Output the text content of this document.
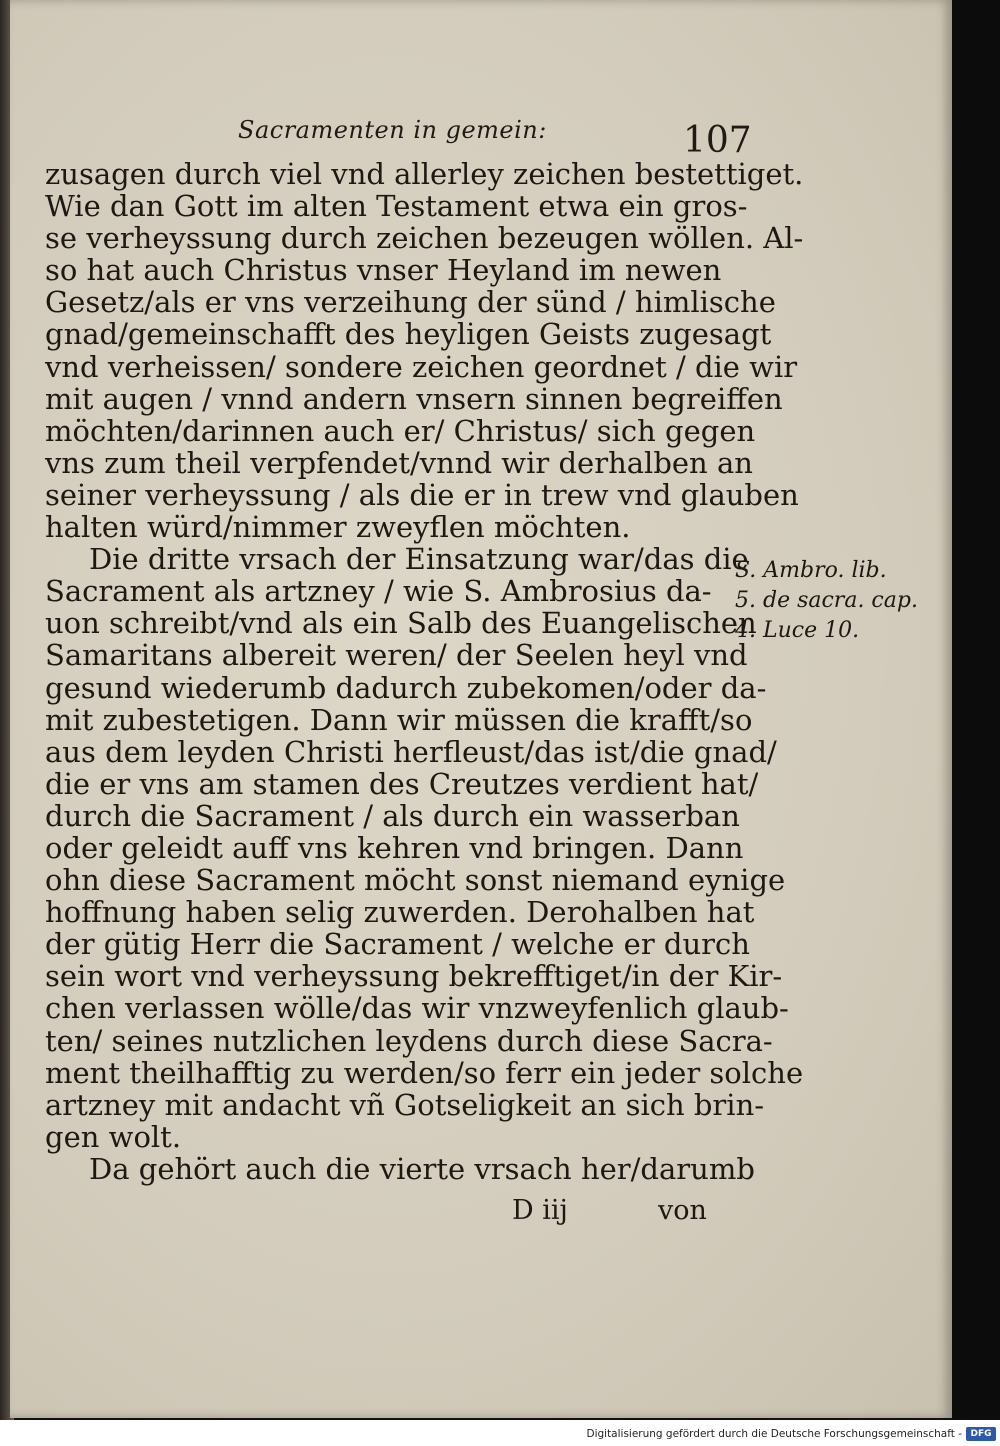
Sacramenten in gemein:	107
zusagen durch viel vnd allerley zeichen bestettiget.
Wie dan Gott im alten Testament etwa ein gros-
se verheyssung durch zeichen bezeugen wöllen. Al-
so hat auch Christus vnser Heyland im newen
Gesetz/als er vns verzeihung der sünd / himlische
gnad/gemeinschafft des heyligen Geists zugesagt
vnd verheissen/ sondere zeichen geordnet / die wir
mit augen / vnnd andern vnsern sinnen begreiffen
möchten/darinnen auch er/ Christus/ sich gegen
vns zum theil verpfendet/vnnd wir derhalben an
seiner verheyssung / als die er in trew vnd glauben
halten würd/nimmer zweyflen möchten.
Die dritte vrsach der Einsatzung war/das die
Sacrament als artzney / wie S. Ambrosius da-
uon schreibt/vnd als ein Salb des Euangelischen
Samaritans albereit weren/ der Seelen heyl vnd
gesund wiederumb dadurch zubekomen/oder da-
mit zubestetigen. Dann wir müssen die krafft/so
aus dem leyden Christi herfleust/das ist/die gnad/
die er vns am stamen des Creutzes verdient hat/
durch die Sacrament / als durch ein wasserban
oder geleidt auff vns kehren vnd bringen. Dann
ohn diese Sacrament möcht sonst niemand eynige
hoffnung haben selig zuwerden. Derohalben hat
der gütig Herr die Sacrament / welche er durch
sein wort vnd verheyssung bekrefftiget/in der Kir-
chen verlassen wölle/das wir vnzweyfenlich glaub-
ten/ seines nutzlichen leydens durch diese Sacra-
ment theilhafftig zu werden/so ferr ein jeder solche
artzney mit andacht vñ Gotseligkeit an sich brin-
gen wolt.
Da gehört auch die vierte vrsach her/darumb
S. Ambro. lib.
5. de sacra. cap.
4. Luce 10.
D iij	von
Digitalisierung gefördert durch die Deutsche Forschungsgemeinschaft - DFG
